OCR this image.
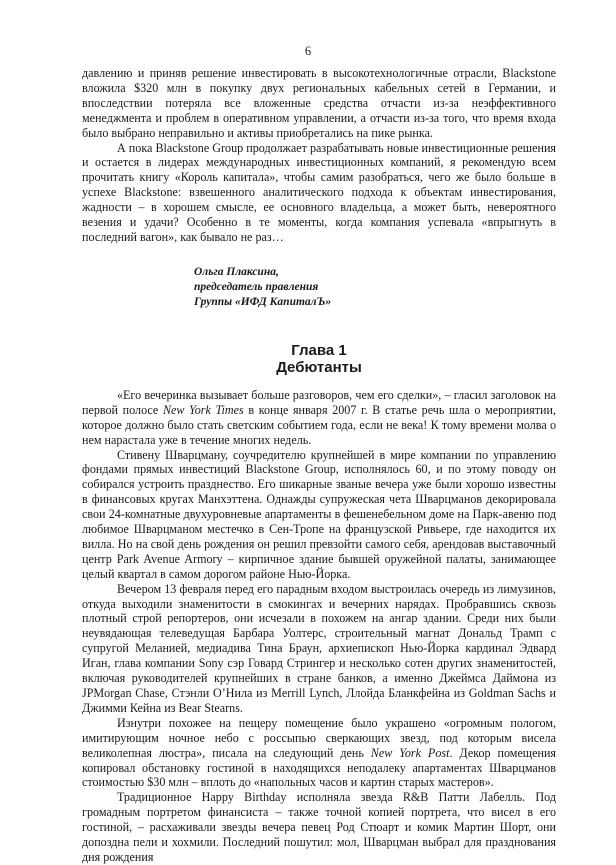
6

давлению и приняв решение инвестировать в высокотехнологичные отрасли, Blackstone вложила $320 млн в покупку двух региональных кабельных сетей в Германии, и впоследствии потеряла все вложенные средства отчасти из-за неэффективного менеджмента и проблем в оперативном управлении, а отчасти из-за того, что время входа было выбрано неправильно и активы приобретались на пике рынка.

А пока Blackstone Group продолжает разрабатывать новые инвестиционные решения и остается в лидерах международных инвестиционных компаний, я рекомендую всем прочитать книгу «Король капитала», чтобы самим разобраться, чего же было больше в успехе Blackstone: взвешенного аналитического подхода к объектам инвестирования, жадности – в хорошем смысле, ее основного владельца, а может быть, невероятного везения и удачи? Особенно в те моменты, когда компания успевала «впрыгнуть в последний вагон», как бывало не раз…

Ольга Плаксина,
председатель правления
Группы «ИФД КапиталЪ»
Глава 1
Дебютанты

«Его вечеринка вызывает больше разговоров, чем его сделки», – гласил заголовок на первой полосе New York Times в конце января 2007 г. В статье речь шла о мероприятии, которое должно было стать светским событием года, если не века! К тому времени молва о нем нарастала уже в течение многих недель.

Стивену Шварцману, соучредителю крупнейшей в мире компании по управлению фондами прямых инвестиций Blackstone Group, исполнялось 60, и по этому поводу он собирался устроить празднество. Его шикарные званые вечера уже были хорошо известны в финансовых кругах Манхэттена. Однажды супружеская чета Шварцманов декорировала свои 24-комнатные двухуровневые апартаменты в фешенебельном доме на Парк-авеню под любимое Шварцманом местечко в Сен-Тропе на французской Ривьере, где находится их вилла. Но на свой день рождения он решил превзойти самого себя, арендовав выставочный центр Park Avenue Armory – кирпичное здание бывшей оружейной палаты, занимающее целый квартал в самом дорогом районе Нью-Йорка.

Вечером 13 февраля перед его парадным входом выстроилась очередь из лимузинов, откуда выходили знаменитости в смокингах и вечерних нарядах. Пробравшись сквозь плотный строй репортеров, они исчезали в похожем на ангар здании. Среди них были неувядающая телеведущая Барбара Уолтерс, строительный магнат Дональд Трамп с супругой Меланией, медиадива Тина Браун, архиепископ Нью-Йорка кардинал Эдвард Иган, глава компании Sony сэр Говард Стрингер и несколько сотен других знаменитостей, включая руководителей крупнейших в стране банков, а именно Джеймса Даймона из JPMorgan Chase, Стэнли О’Нила из Merrill Lynch, Ллойда Бланкфейна из Goldman Sachs и Джимми Кейна из Bear Stearns.

Изнутри похожее на пещеру помещение было украшено «огромным пологом, имитирующим ночное небо с россыпью сверкающих звезд, под которым висела великолепная люстра», писала на следующий день New York Post. Декор помещения копировал обстановку гостиной в находящихся неподалеку апартаментах Шварцманов стоимостью $30 млн – вплоть до «напольных часов и картин старых мастеров».

Традиционное Happy Birthday исполняла звезда R&B Патти Лабелль. Под громадным портретом финансиста – также точной копией портрета, что висел в его гостиной, – расхаживали звезды вечера певец Род Стюарт и комик Мартин Шорт, они допоздна пели и хохмили. Последний пошутил: мол, Шварцман выбрал для празднования дня рождения
